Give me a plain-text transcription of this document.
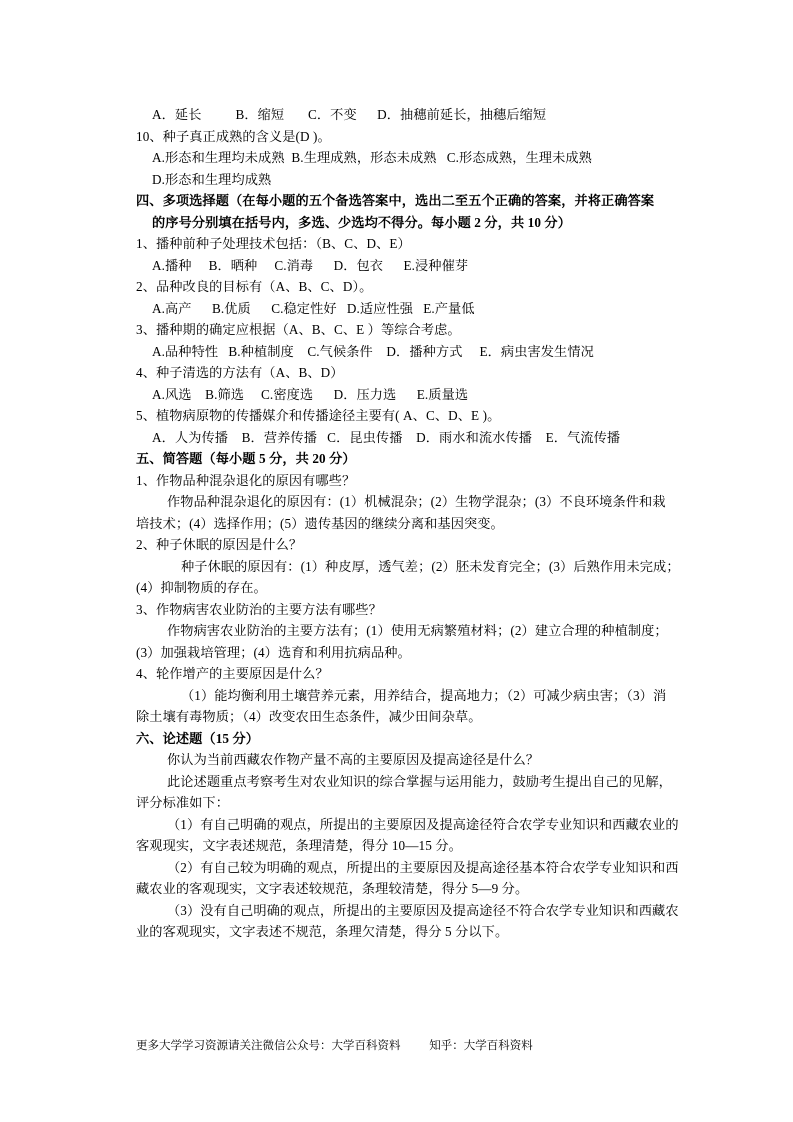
A．延长          B．缩短       C．不变      D．抽穗前延长，抽穗后缩短
10、种子真正成熟的含义是(D )。
A.形态和生理均未成熟  B.生理成熟，形态未成熟   C.形态成熟，生理未成熟
D.形态和生理均成熟
四、多项选择题（在每小题的五个备选答案中，选出二至五个正确的答案，并将正确答案
的序号分别填在括号内，多选、少选均不得分。每小题 2 分，共 10 分）
1、播种前种子处理技术包括：（B、C、D、E）
A.播种     B．晒种     C.消毒      D．包衣      E.浸种催芽
2、品种改良的目标有（A、B、C、D）。
A.高产      B.优质      C.稳定性好   D.适应性强   E.产量低
3、播种期的确定应根据（A、B、C、E ）等综合考虑。
A.品种特性   B.种植制度    C.气候条件    D．播种方式     E．病虫害发生情况
4、种子清选的方法有（A、B、D）
A.风选    B.筛选     C.密度选      D．压力选      E.质量选
5、植物病原物的传播媒介和传播途径主要有( A、C、D、E )。
A．人为传播    B．营养传播   C．昆虫传播    D．雨水和流水传播    E．气流传播
五、简答题（每小题 5 分，共 20 分）
1、作物品种混杂退化的原因有哪些？
作物品种混杂退化的原因有：(1）机械混杂；(2）生物学混杂；(3）不良环境条件和栽
培技术；(4）选择作用；(5）遗传基因的继续分离和基因突变。
2、种子休眠的原因是什么？
种子休眠的原因有：(1）种皮厚，透气差；(2）胚未发育完全；(3）后熟作用未完成；
(4）抑制物质的存在。
3、作物病害农业防治的主要方法有哪些？
作物病害农业防治的主要方法有；(1）使用无病繁殖材料；(2）建立合理的种植制度；
(3）加强栽培管理；(4）选育和利用抗病品种。
4、轮作增产的主要原因是什么？
（1）能均衡利用土壤营养元素，用养结合，提高地力；（2）可减少病虫害；（3）消
除土壤有毒物质；（4）改变农田生态条件，减少田间杂草。
六、论述题（15 分）
你认为当前西藏农作物产量不高的主要原因及提高途径是什么？
此论述题重点考察考生对农业知识的综合掌握与运用能力，鼓励考生提出自己的见解，
评分标准如下：
（1）有自己明确的观点，所提出的主要原因及提高途径符合农学专业知识和西藏农业的
客观现实，文字表述规范，条理清楚，得分 10—15 分。
（2）有自己较为明确的观点，所提出的主要原因及提高途径基本符合农学专业知识和西
藏农业的客观现实，文字表述较规范，条理较清楚，得分 5—9 分。
（3）没有自己明确的观点，所提出的主要原因及提高途径不符合农学专业知识和西藏农
业的客观现实，文字表述不规范，条理欠清楚，得分 5 分以下。
更多大学学习资源请关注微信公众号：大学百科资料          知乎：大学百科资料
